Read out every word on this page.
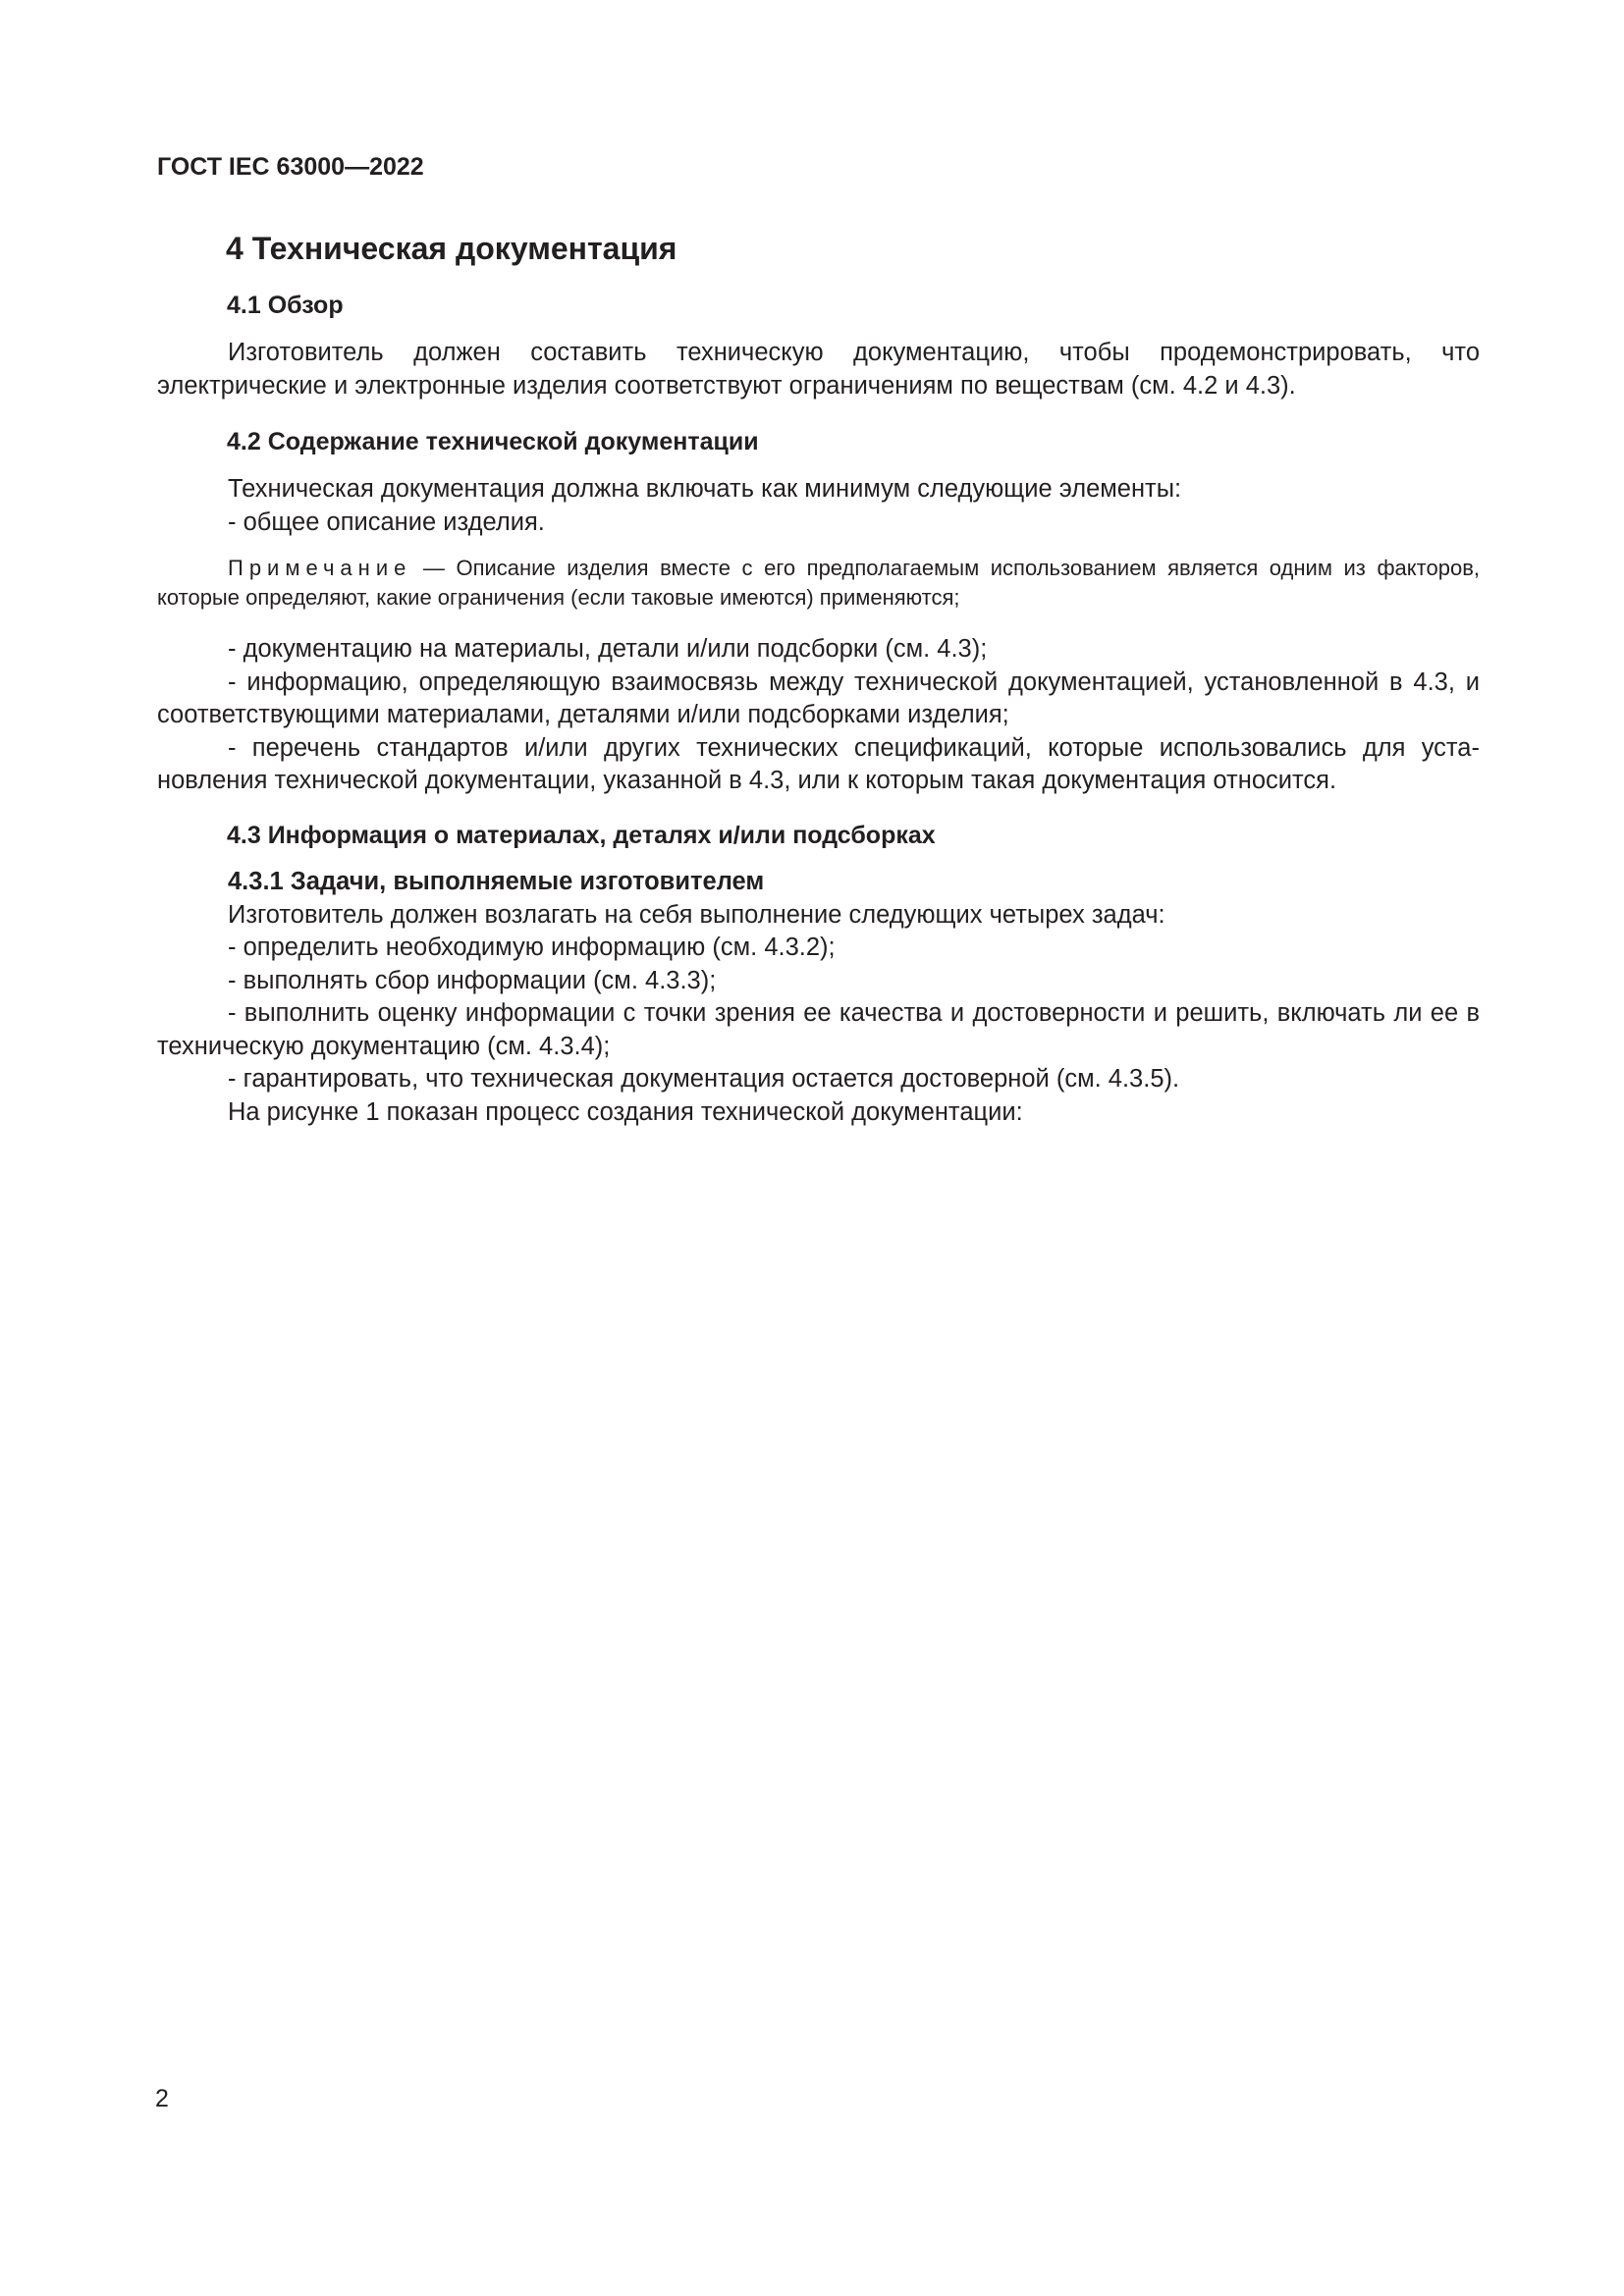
ГОСТ IEC 63000—2022
4 Техническая документация
4.1 Обзор

Изготовитель должен составить техническую документацию, чтобы продемонстрировать, что электрические и электронные изделия соответствуют ограничениям по веществам (см. 4.2 и 4.3).

4.2 Содержание технической документации

Техническая документация должна включать как минимум следующие элементы:

- общее описание изделия.

Примечание — Описание изделия вместе с его предполагаемым использованием является одним из факторов, которые определяют, какие ограничения (если таковые имеются) применяются;

- документацию на материалы, детали и/или подсборки (см. 4.3);

- информацию, определяющую взаимосвязь между технической документацией, установленной в 4.3, и соответствующими материалами, деталями и/или подсборками изделия;

- перечень стандартов и/или других технических спецификаций, которые использовались для установления технической документации, указанной в 4.3, или к которым такая документация относится.

4.3 Информация о материалах, деталях и/или подсборках

4.3.1 Задачи, выполняемые изготовителем

Изготовитель должен возлагать на себя выполнение следующих четырех задач:

- определить необходимую информацию (см. 4.3.2);

- выполнять сбор информации (см. 4.3.3);

- выполнить оценку информации с точки зрения ее качества и достоверности и решить, включать ли ее в техническую документацию (см. 4.3.4);

- гарантировать, что техническая документация остается достоверной (см. 4.3.5).

На рисунке 1 показан процесс создания технической документации:

2
